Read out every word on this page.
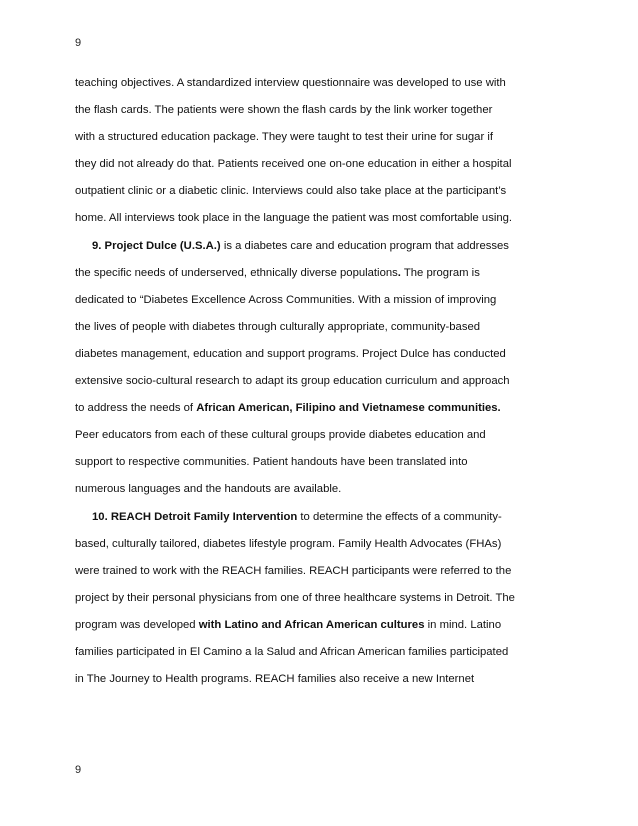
9
teaching objectives. A standardized interview questionnaire was developed to use with
the flash cards. The patients were shown the flash cards by the link worker together
with a structured education package. They were taught to test their urine for sugar if
they did not already do that. Patients received one on-one education in either a hospital
outpatient clinic or a diabetic clinic. Interviews could also take place at the participant’s
home. All interviews took place in the language the patient was most comfortable using.
9. Project Dulce (U.S.A.) is a diabetes care and education program that addresses
the specific needs of underserved, ethnically diverse populations. The program is
dedicated to “Diabetes Excellence Across Communities. With a mission of improving
the lives of people with diabetes through culturally appropriate, community-based
diabetes management, education and support programs. Project Dulce has conducted
extensive socio-cultural research to adapt its group education curriculum and approach
to address the needs of African American, Filipino and Vietnamese communities.
Peer educators from each of these cultural groups provide diabetes education and
support to respective communities. Patient handouts have been translated into
numerous languages and the handouts are available.
10. REACH Detroit Family Intervention to determine the effects of a community-
based, culturally tailored, diabetes lifestyle program. Family Health Advocates (FHAs)
were trained to work with the REACH families. REACH participants were referred to the
project by their personal physicians from one of three healthcare systems in Detroit. The
program was developed with Latino and African American cultures in mind. Latino
families participated in El Camino a la Salud and African American families participated
in The Journey to Health programs. REACH families also receive a new Internet
9
